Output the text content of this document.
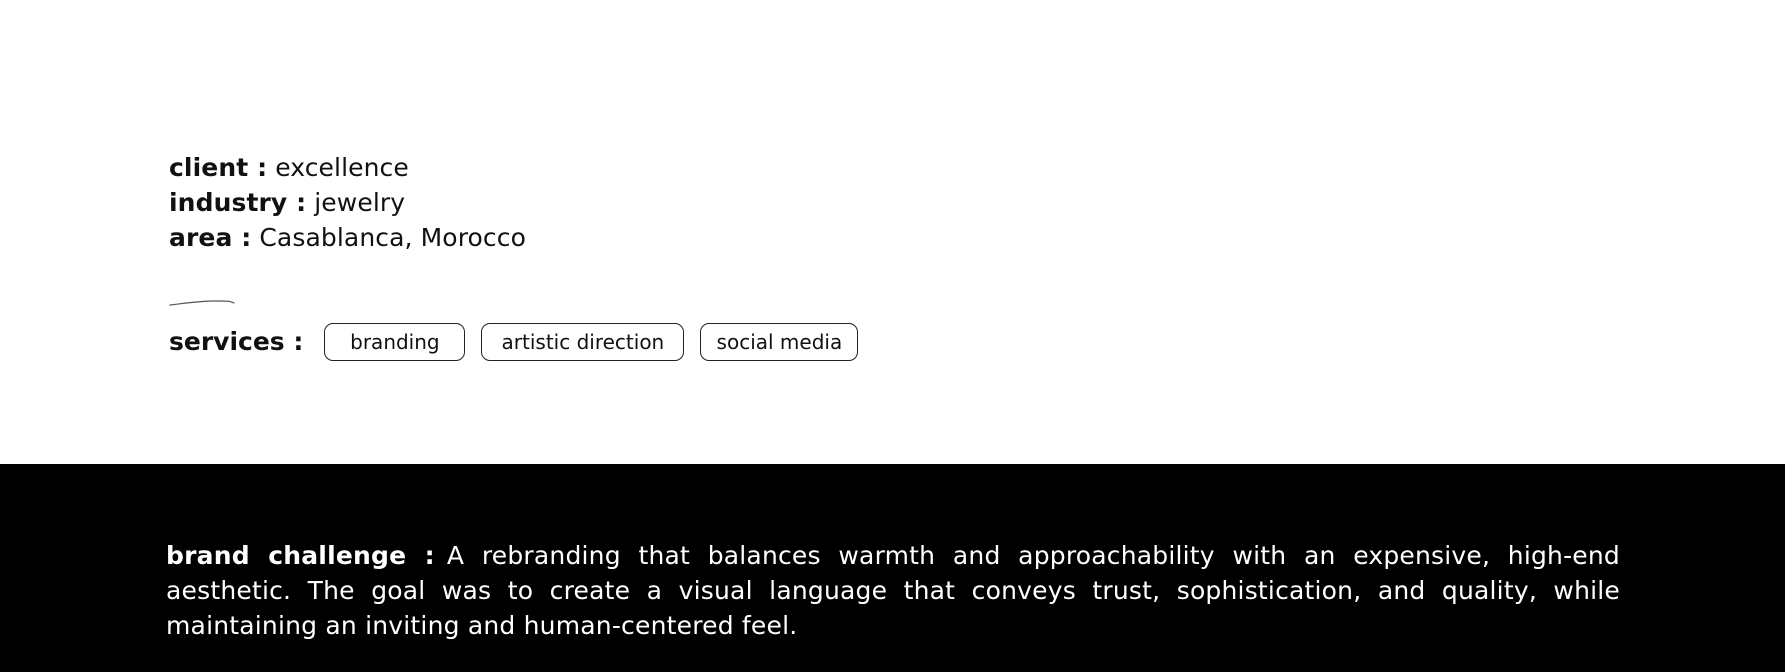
client : excellence
industry : jewelry
area : Casablanca, Morocco
services :	branding	artistic direction	social media

brand challenge : A rebranding that balances warmth and approachability with an expensive, high-end aesthetic. The goal was to create a visual language that conveys trust, sophistication, and quality, while maintaining an inviting and human-centered feel.
